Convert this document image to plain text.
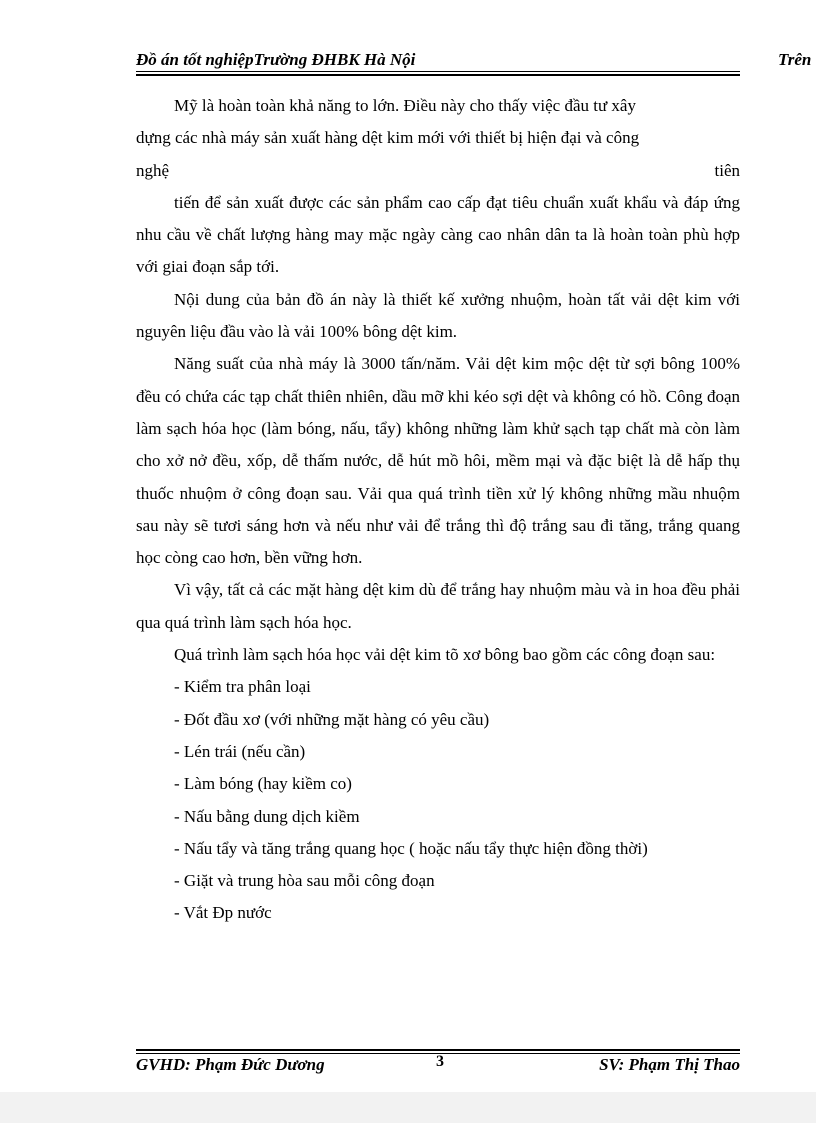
Đồ án tốt nghiệpTrường ĐHBK Hà Nội	Trên

Mỹ là hoàn toàn khả năng to lớn. Điều này cho thấy việc đầu tư xây

dựng các nhà máy sản xuất hàng dệt kim mới với thiết bị hiện đại và công

nghệ	tiên

tiến để sản xuất được các sản phẩm cao cấp đạt tiêu chuẩn xuất khẩu và đáp ứng nhu cầu về chất lượng hàng may mặc ngày càng cao nhân dân ta là hoàn toàn phù hợp với giai đoạn sắp tới.

Nội dung của bản đồ án này là thiết kế xưởng nhuộm, hoàn tất vải dệt kim với nguyên liệu đầu vào là vải 100% bông dệt kim.

Năng suất của nhà máy là 3000 tấn/năm. Vải dệt kim mộc dệt từ sợi bông 100% đều có chứa các tạp chất thiên nhiên, dầu mỡ khi kéo sợi dệt và không có hồ. Công đoạn làm sạch hóa học (làm bóng, nấu, tẩy) không những làm khử sạch tạp chất mà còn làm cho xở nở đều, xốp, dễ thấm nước, dễ hút mồ hôi, mềm mại và đặc biệt là dễ hấp thụ thuốc nhuộm ở công đoạn sau. Vải qua quá trình tiền xử lý không những mầu nhuộm sau này sẽ tươi sáng hơn và nếu như vải để trắng thì độ trắng sau đi tăng, trắng quang học còng cao hơn, bền vững hơn.

Vì vậy, tất cả các mặt hàng dệt kim dù để trắng hay nhuộm màu và in hoa đều phải qua quá trình làm sạch hóa học.

Quá trình làm sạch hóa học vải dệt kim tõ xơ bông bao gồm các công đoạn sau:

- Kiểm tra phân loại

- Đốt đầu xơ (với những mặt hàng có yêu cầu)

- Lén trái (nếu cần)

- Làm bóng (hay kiềm co)

- Nấu bằng dung dịch kiềm

- Nấu tẩy và tăng trắng quang học ( hoặc nấu tẩy thực hiện đồng thời)

- Giặt và trung hòa sau mỗi công đoạn

- Vắt Đp nước

GVHD: Phạm Đức Dương	3	SV: Phạm Thị Thao
